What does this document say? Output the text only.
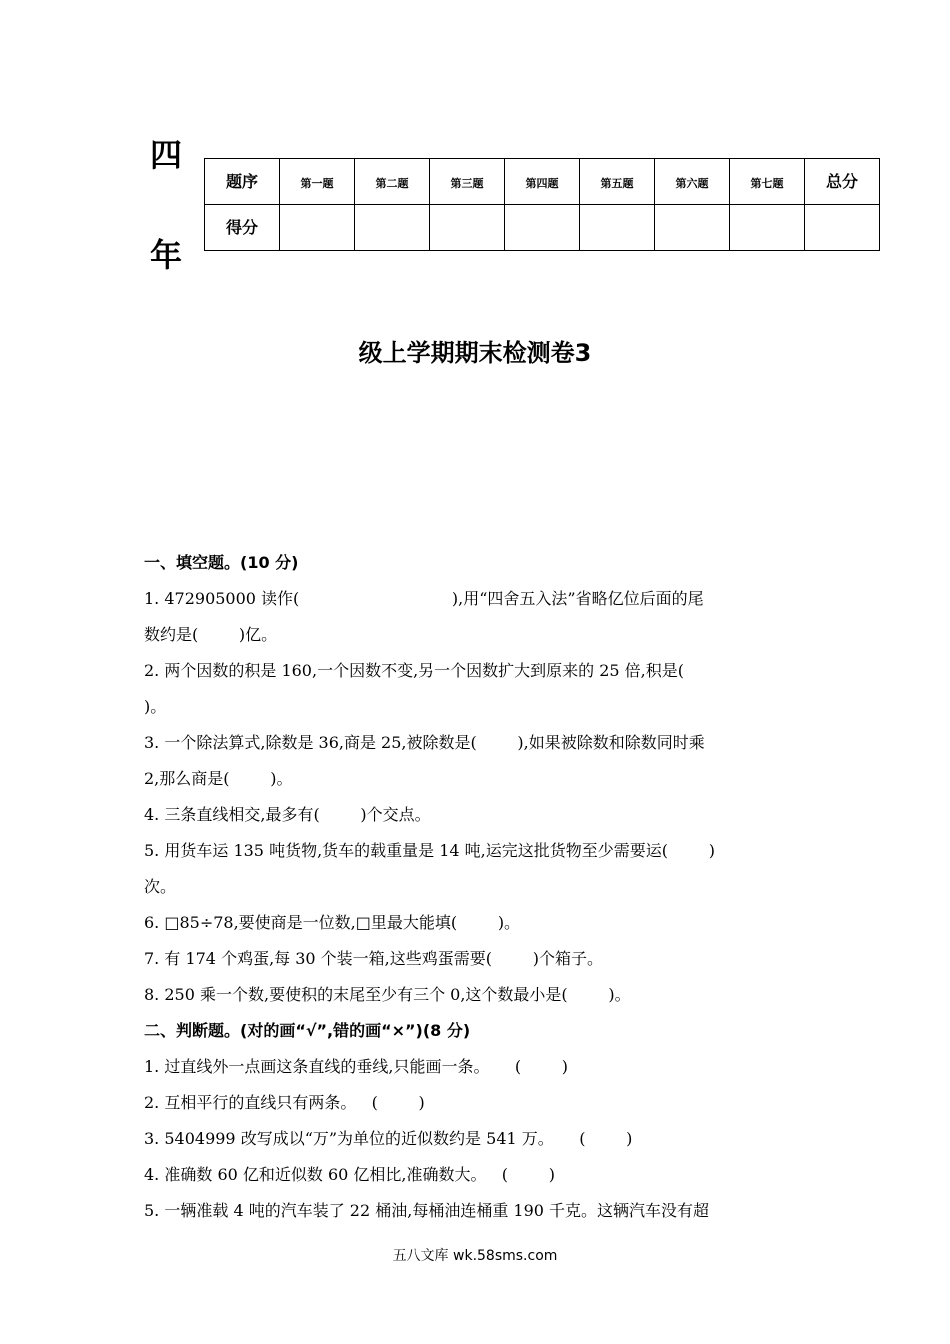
四
年
题序	第一题	第二题	第三题	第四题	第五题	第六题	第七题	总分
得分								
级上学期期末检测卷3
一、填空题。(10 分)
1. 472905000 读作(                              ),用“四舍五入法”省略亿位后面的尾
数约是(        )亿。
2. 两个因数的积是 160,一个因数不变,另一个因数扩大到原来的 25 倍,积是(
)。
3. 一个除法算式,除数是 36,商是 25,被除数是(        ),如果被除数和除数同时乘
2,那么商是(        )。
4. 三条直线相交,最多有(        )个交点。
5. 用货车运 135 吨货物,货车的载重量是 14 吨,运完这批货物至少需要运(        )
次。
6. □85÷78,要使商是一位数,□里最大能填(        )。
7. 有 174 个鸡蛋,每 30 个装一箱,这些鸡蛋需要(        )个箱子。
8. 250 乘一个数,要使积的末尾至少有三个 0,这个数最小是(        )。
二、判断题。(对的画“√”,错的画“×”)(8 分)
1. 过直线外一点画这条直线的垂线,只能画一条。     (        )
2. 互相平行的直线只有两条。   (        )
3. 5404999 改写成以“万”为单位的近似数约是 541 万。     (        )
4. 准确数 60 亿和近似数 60 亿相比,准确数大。   (        )
5. 一辆准载 4 吨的汽车装了 22 桶油,每桶油连桶重 190 千克。这辆汽车没有超
五八文库 wk.58sms.com
